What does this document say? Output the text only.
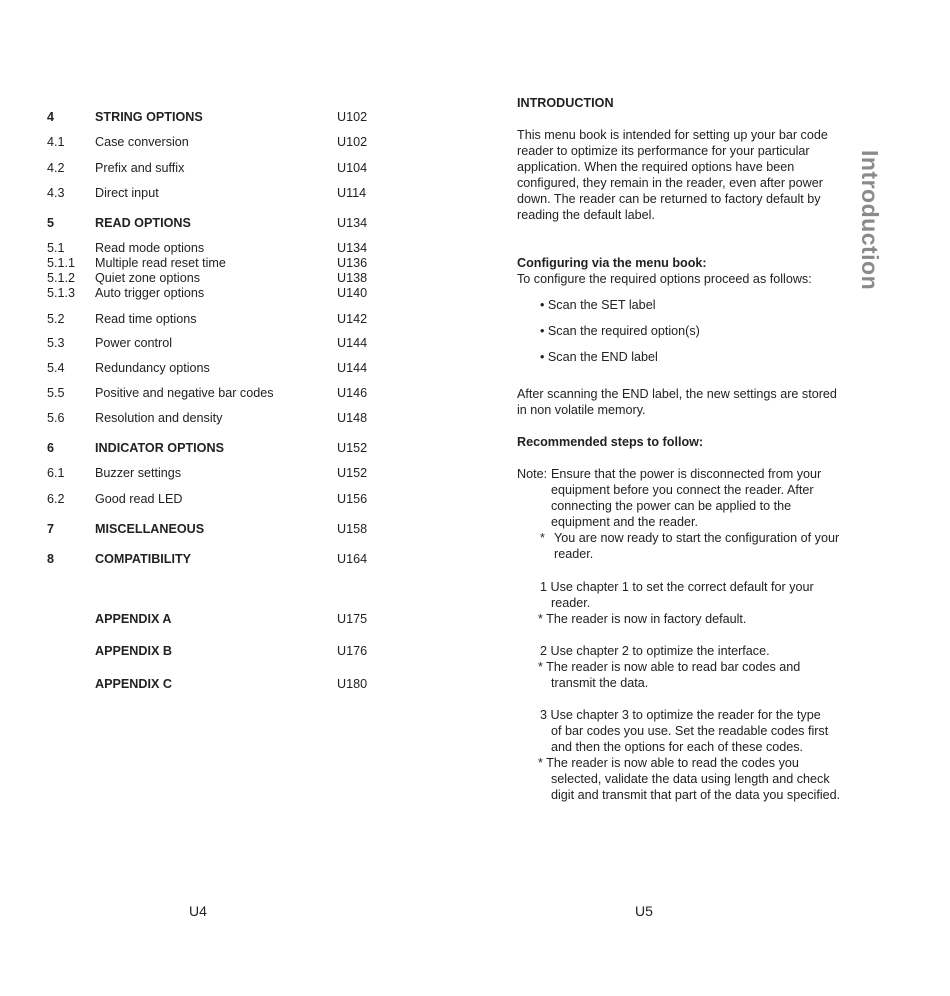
4	STRING OPTIONS	U102
4.1 Case conversion	U102
4.2 Prefix and suffix	U104
4.3 Direct input	U114
5	READ OPTIONS	U134
5.1 Read mode options	U134
5.1.1 Multiple read reset time	U136
5.1.2 Quiet zone options	U138
5.1.3 Auto trigger options	U140
5.2 Read time options	U142
5.3 Power control	U144
5.4 Redundancy options	U144
5.5 Positive and negative bar codes	U146
5.6 Resolution and density	U148
6	INDICATOR OPTIONS	U152
6.1 Buzzer settings	U152
6.2 Good read LED	U156
7	MISCELLANEOUS	U158
8	COMPATIBILITY	U164
APPENDIX A	U175
APPENDIX B	U176
APPENDIX C	U180
U4	U5
INTRODUCTION
This menu book is intended for setting up your bar code reader to optimize its performance for your particular application. When the required options have been configured, they remain in the reader, even after power down. The reader can be returned to factory default by reading the default label.
Configuring via the menu book:
To configure the required options proceed as follows:
• Scan the SET label
• Scan the required option(s)
• Scan the END label
After scanning the END label, the new settings are stored in non volatile memory.
Recommended steps to follow:
Note: Ensure that the power is disconnected from your equipment before you connect the reader. After connecting the power can be applied to the equipment and the reader.
* You are now ready to start the configuration of your reader.
1 Use chapter 1 to set the correct default for your
reader.
* The reader is now in factory default.
2 Use chapter 2 to optimize the interface.
* The reader is now able to read bar codes and
transmit the data.
3 Use chapter 3 to optimize the reader for the type
of bar codes you use. Set the readable codes first and then the options for each of these codes.
* The reader is now able to read the codes you
selected, validate the data using length and check digit and transmit that part of the data you specified.
Introduction
